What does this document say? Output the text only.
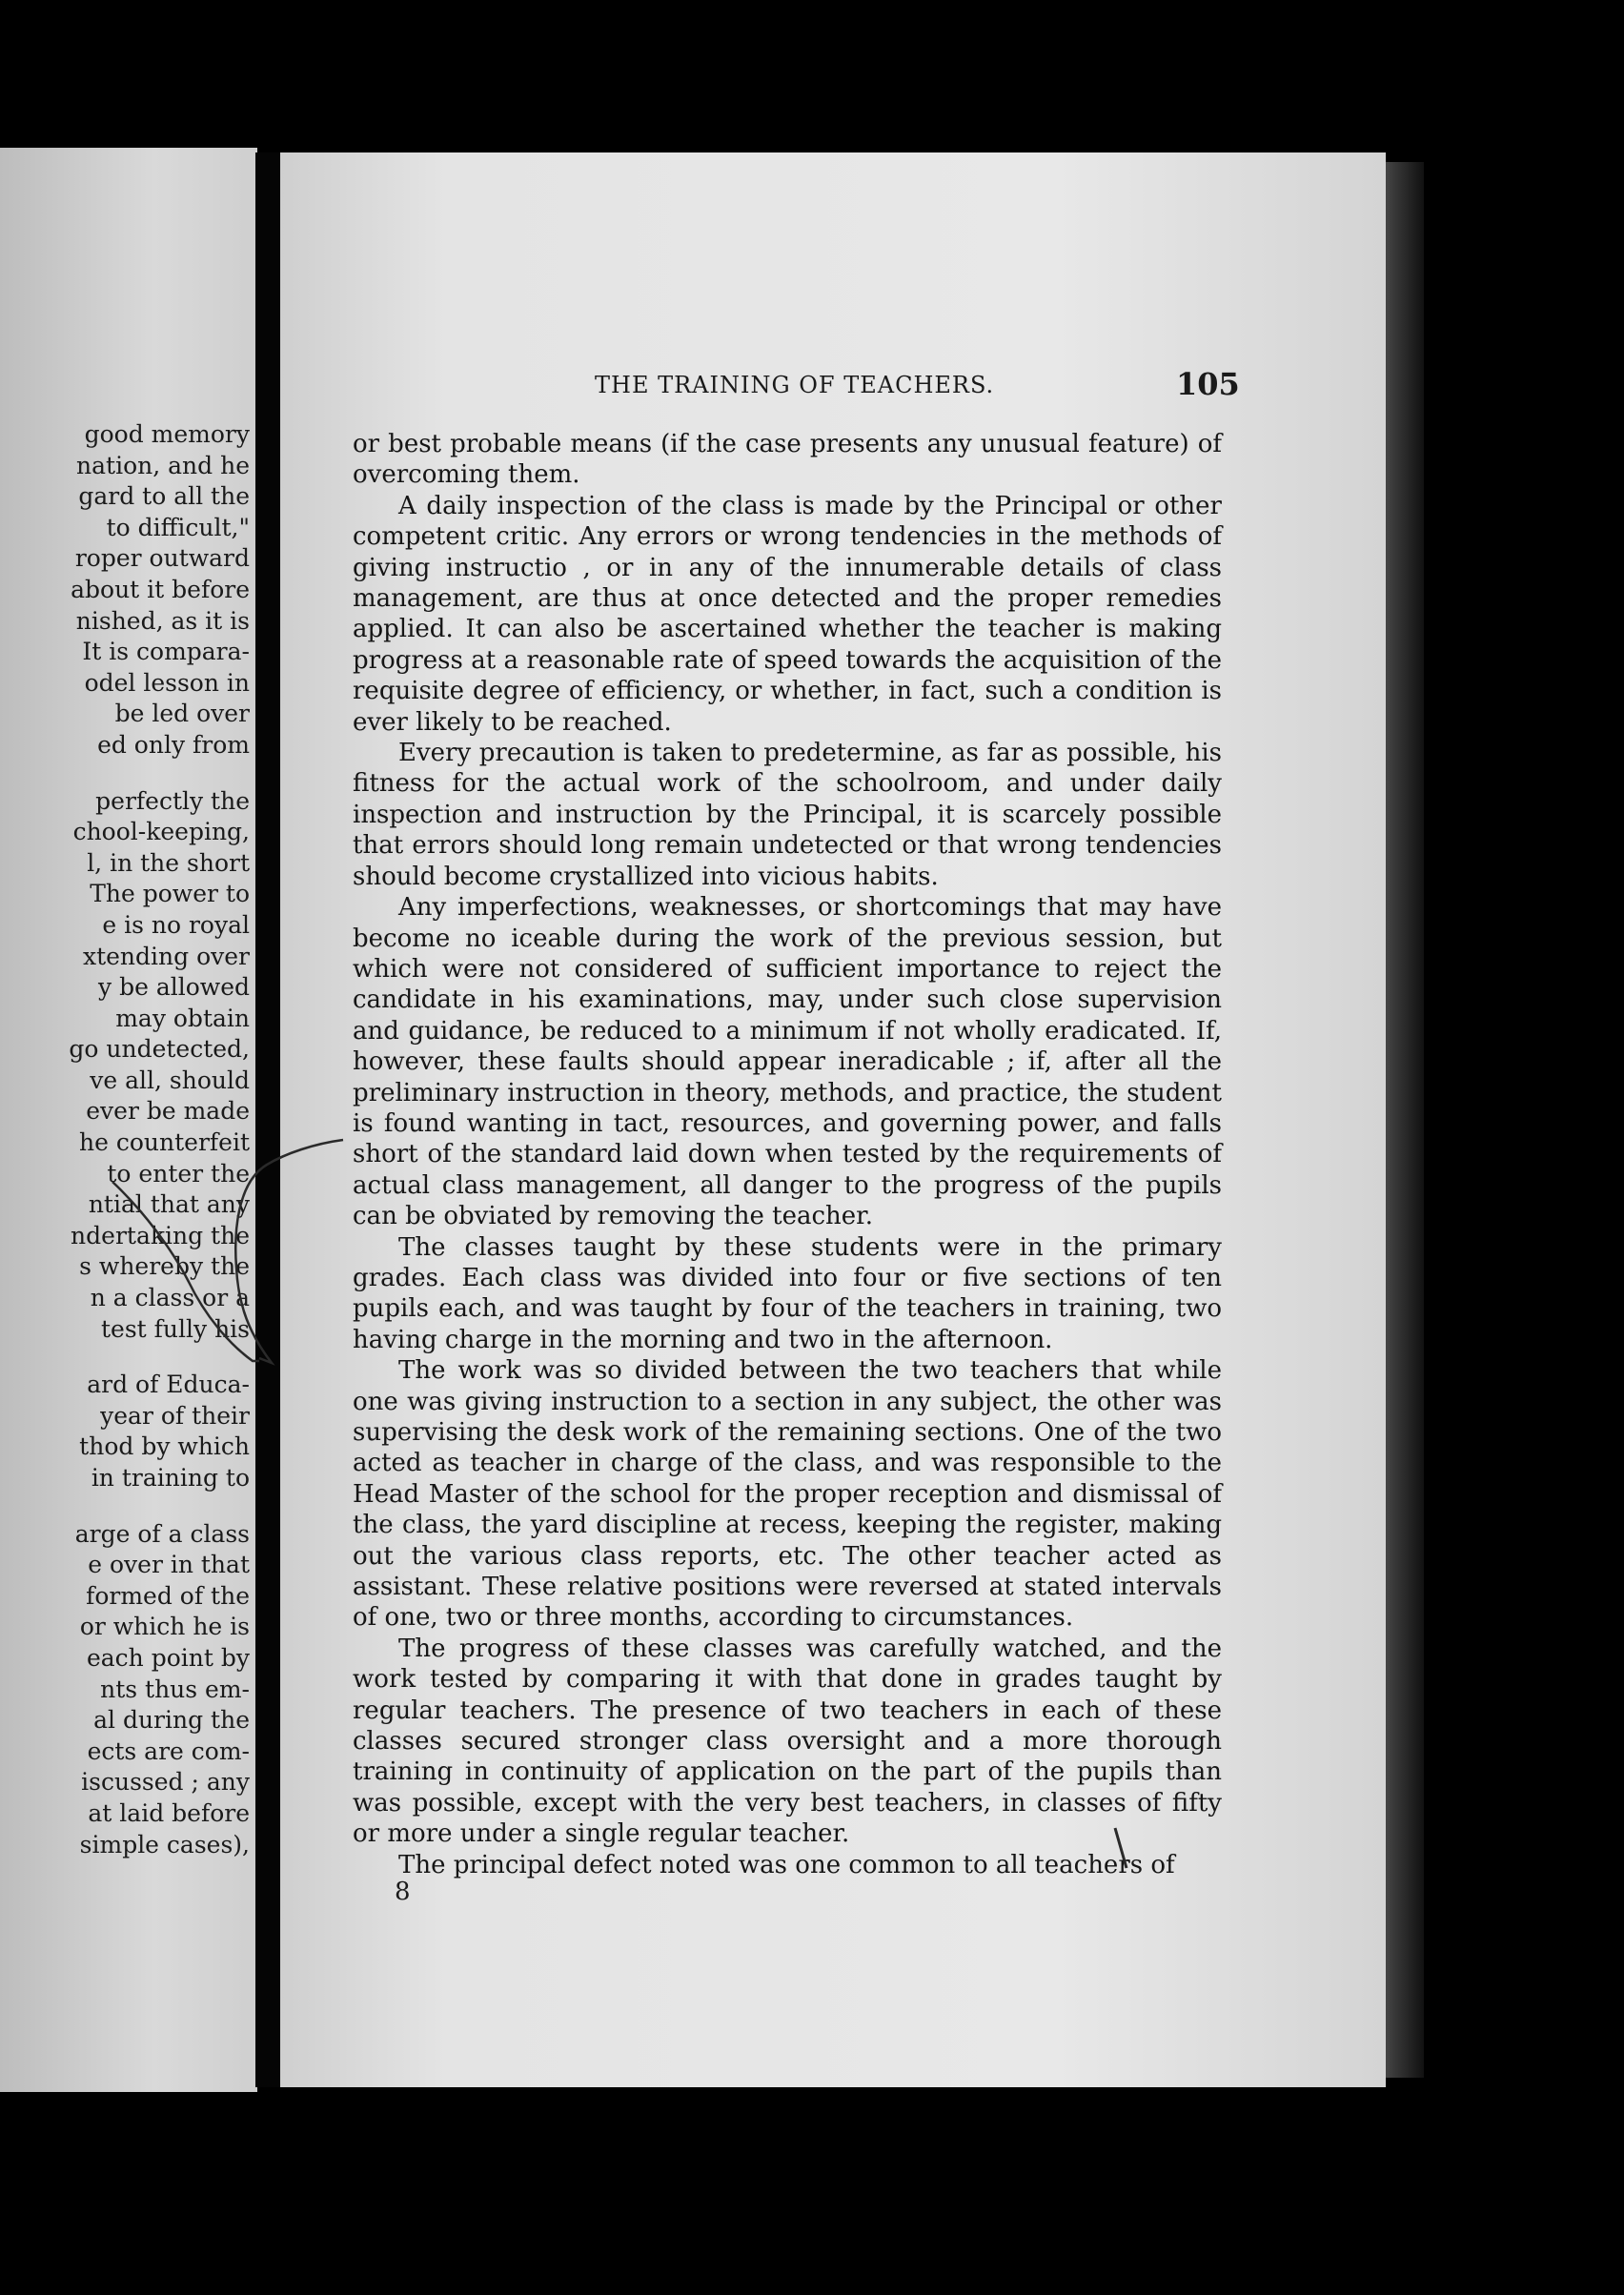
good memory
nation, and he
gard to all the
to difficult,"
roper outward
about it before
nished, as it is
It is compara-
odel lesson in
be led over
ed only from
perfectly the
chool-keeping,
l, in the short
The power to
e is no royal
xtending over
y be allowed
may obtain
go undetected,
ve all, should
ever be made
he counterfeit
to enter the
ntial that any
ndertaking the
s whereby the
n a class or a
test fully his
ard of Educa-
year of their
thod by which
in training to
arge of a class
e over in that
formed of the
or which he is
each point by
nts thus em-
al during the
ects are com-
iscussed ; any
at laid before
simple cases),
THE TRAINING OF TEACHERS.	105

or best probable means (if the case presents any unusual feature) of overcoming them.

A daily inspection of the class is made by the Principal or other competent critic. Any errors or wrong tendencies in the methods of giving instructio , or in any of the innumerable details of class management, are thus at once detected and the proper remedies applied. It can also be ascertained whether the teacher is making progress at a reasonable rate of speed towards the acquisition of the requisite degree of efficiency, or whether, in fact, such a condition is ever likely to be reached.

Every precaution is taken to predetermine, as far as possible, his fitness for the actual work of the schoolroom, and under daily inspection and instruction by the Principal, it is scarcely possible that errors should long remain undetected or that wrong tendencies should become crystallized into vicious habits.

Any imperfections, weaknesses, or shortcomings that may have become no iceable during the work of the previous session, but which were not considered of sufficient importance to reject the candidate in his examinations, may, under such close supervision and guidance, be reduced to a minimum if not wholly eradicated. If, however, these faults should appear ineradicable ; if, after all the preliminary instruction in theory, methods, and practice, the student is found wanting in tact, resources, and governing power, and falls short of the standard laid down when tested by the requirements of actual class management, all danger to the progress of the pupils can be obviated by removing the teacher.

The classes taught by these students were in the primary grades. Each class was divided into four or five sections of ten pupils each, and was taught by four of the teachers in training, two having charge in the morning and two in the afternoon.

The work was so divided between the two teachers that while one was giving instruction to a section in any subject, the other was supervising the desk work of the remaining sections. One of the two acted as teacher in charge of the class, and was responsible to the Head Master of the school for the proper reception and dismissal of the class, the yard discipline at recess, keeping the register, making out the various class reports, etc. The other teacher acted as assistant. These relative positions were reversed at stated intervals of one, two or three months, according to circumstances.

The progress of these classes was carefully watched, and the work tested by comparing it with that done in grades taught by regular teachers. The presence of two teachers in each of these classes secured stronger class oversight and a more thorough training in continuity of application on the part of the pupils than was possible, except with the very best teachers, in classes of fifty or more under a single regular teacher.

The principal defect noted was one common to all teachers of

8
